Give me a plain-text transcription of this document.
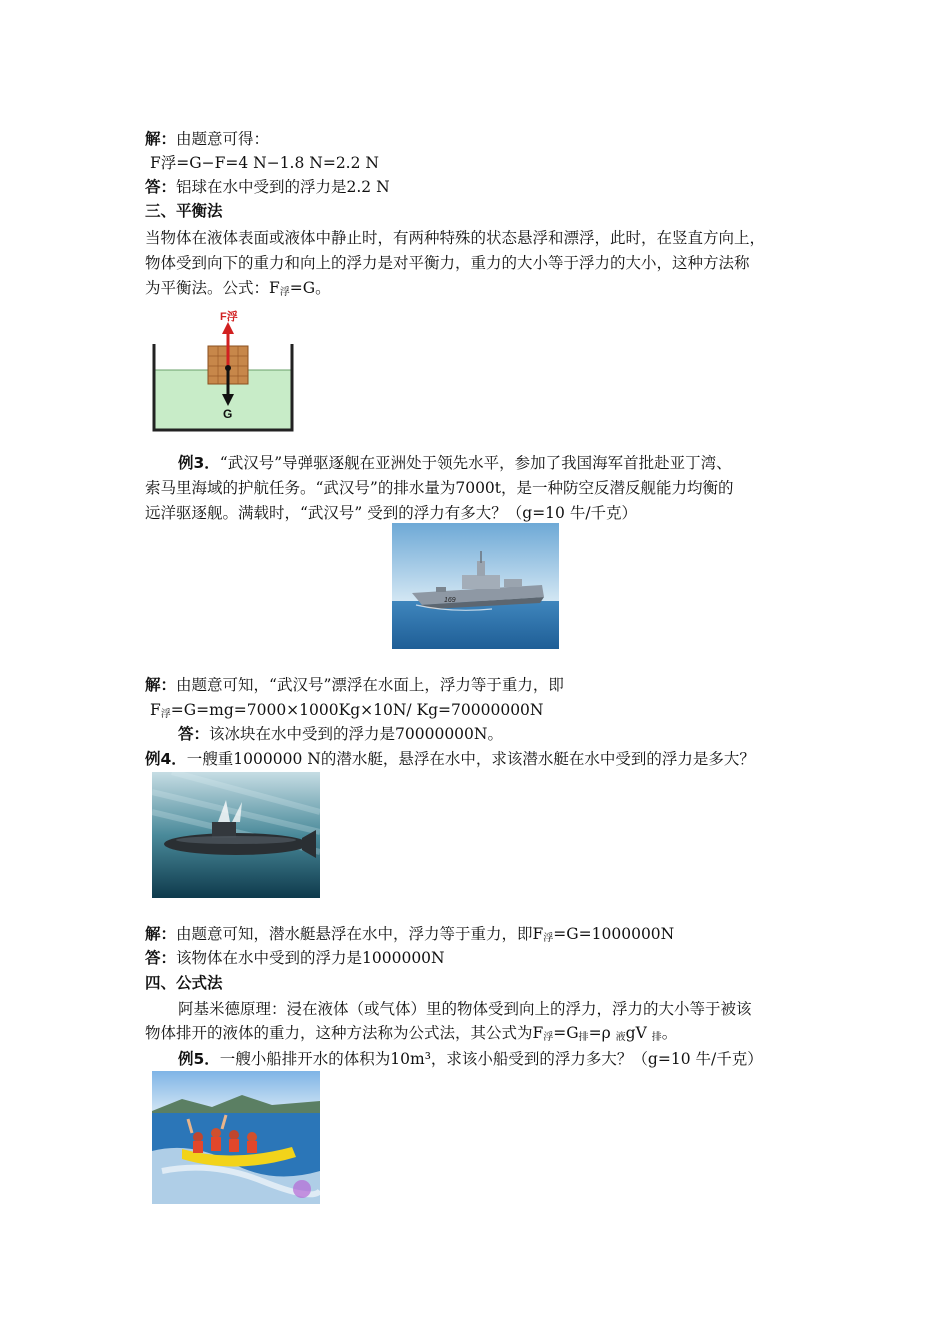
解：由题意可得：
F浮=G−F=4 N−1.8 N=2.2 N
答：铝球在水中受到的浮力是2.2 N
三、平衡法
当物体在液体表面或液体中静止时，有两种特殊的状态悬浮和漂浮，此时，在竖直方向上，
物体受到向下的重力和向上的浮力是对平衡力，重力的大小等于浮力的大小，这种方法称
为平衡法。公式：$F_浮=G$。
F浮
G
例3．“武汉号”导弹驱逐舰在亚洲处于领先水平，参加了我国海军首批赴亚丁湾、
索马里海域的护航任务。“武汉号”的排水量为7000t，是一种防空反潜反舰能力均衡的
远洋驱逐舰。满载时，“武汉号” 受到的浮力有多大？（g=10 牛/千克）
169
解：由题意可知，“武汉号”漂浮在水面上，浮力等于重力，即
$F_浮=G=mg=7000\times 1000Kg\times 10N/$ Kg=70000000N
答：该冰块在水中受到的浮力是70000000N。
例4．一艘重1000000 N的潜水艇，悬浮在水中，求该潜水艇在水中受到的浮力是多大？
解：由题意可知，潜水艇悬浮在水中，浮力等于重力，即$F_浮=G=1000000N$
答：该物体在水中受到的浮力是1000000N
四、公式法
阿基米德原理：浸在液体（或气体）里的物体受到向上的浮力，浮力的大小等于被该
物体排开的液体的重力，这种方法称为公式法，其公式为$F_浮=G_排=\rho$ $_液$gV $_排$。
例5．一艘小船排开水的体积为10m³，求该小船受到的浮力多大？（g=10 牛/千克）
